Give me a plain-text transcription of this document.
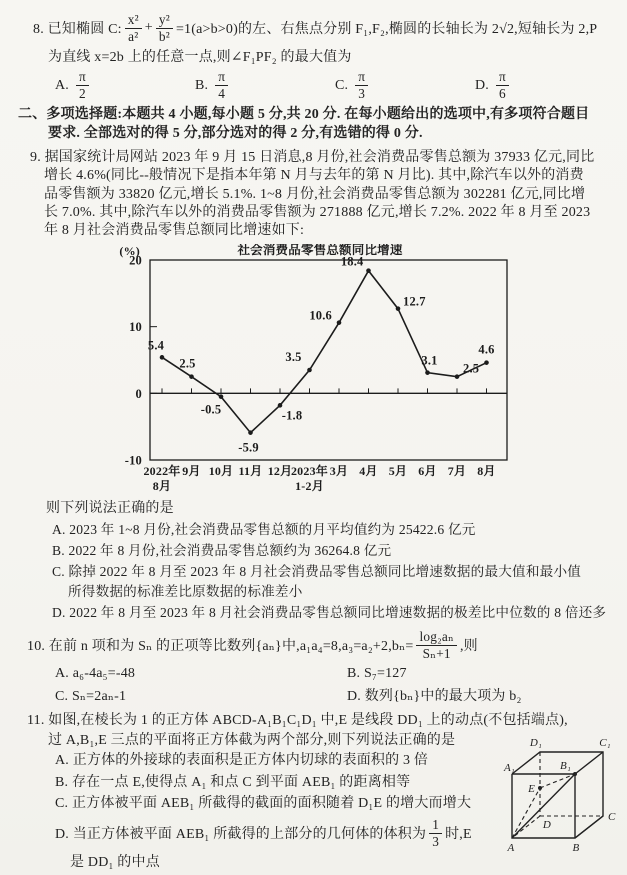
8. 已知椭圆 C: $\frac{\text{x²}}{\text{a²}} + \frac{\text{y²}}{\text{b²}} =1(a>b>0)$的左、右焦点分别 F₁,F₂,椭圆的长轴长为 2√2,短轴长为 2,P
为直线 x=2b 上的任意一点,则∠F₁PF₂ 的最大值为
A. $\frac{\pi}{2}$	B. $\frac{\pi}{4}$	C. $\frac{\pi}{3}$	D. $\frac{\pi}{6}$
二、多项选择题:本题共 4 小题,每小题 5 分,共 20 分. 在每小题给出的选项中,有多项符合题目
要求. 全部选对的得 5 分,部分选对的得 2 分,有选错的得 0 分.
9. 据国家统计局网站 2023 年 9 月 15 日消息,8 月份,社会消费品零售总额为 37933 亿元,同比
增长 4.6%(同比--般情况下是指本年第 N 月与去年的第 N 月比). 其中,除汽车以外的消费
品零售额为 33820 亿元,增长 5.1%. 1~8 月份,社会消费品零售总额为 302281 亿元,同比增
长 7.0%. 其中,除汽车以外的消费品零售额为 271888 亿元,增长 7.2%. 2022 年 8 月至 2023
年 8 月社会消费品零售总额同比增速如下:
社会消费品零售总额同比增速
(%)
20
10
0
-10
5.4
2.5
-0.5
-5.9
-1.8
3.5
10.6
18.4
12.7
3.1
2.5
4.6
2022年
8月
9月 10月 11月 12月
2023年
1-2月
3月 4月 5月 6月 7月 8月
则下列说法正确的是
A. 2023 年 1~8 月份,社会消费品零售总额的月平均值约为 25422.6 亿元
B. 2022 年 8 月份,社会消费品零售总额约为 36264.8 亿元
C. 除掉 2022 年 8 月至 2023 年 8 月社会消费品零售总额同比增速数据的最大值和最小值
所得数据的标准差比原数据的标准差小
D. 2022 年 8 月至 2023 年 8 月社会消费品零售总额同比增速数据的极差比中位数的 8 倍还多
10. 在前 n 项和为 Sₙ 的正项等比数列{aₙ}中$,a_1a_4=8,a_3=a_2+2,b_n= \frac{\text{log₂aₙ}}{\text{Sₙ+1}}$ ,则
A. a₆-4a₅=-48	B. S₇=127
C. Sₙ=2aₙ-1	D. 数列{bₙ}中的最大项为 b₂
11. 如图,在棱长为 1 的正方体 ABCD-A₁B₁C₁D₁ 中,E 是线段 DD₁ 上的动点(不包括端点),
过 A,B₁,E 三点的平面将正方体截为两个部分,则下列说法正确的是
A. 正方体的外接球的表面积是正方体内切球的表面积的 3 倍
B. 存在一点 E,使得点 A₁ 和点 C 到平面 AEB₁ 的距离相等
C. 正方体被平面 AEB₁ 所截得的截面的面积随着 D₁E 的增大而增大
D. 当正方体被平面 AEB₁ 所截得的上部分的几何体的体积为 $\frac{1}{3}$ 时,E
是 DD₁ 的中点
A₁
D₁	C₁
B₁
E
D
C
A	B
